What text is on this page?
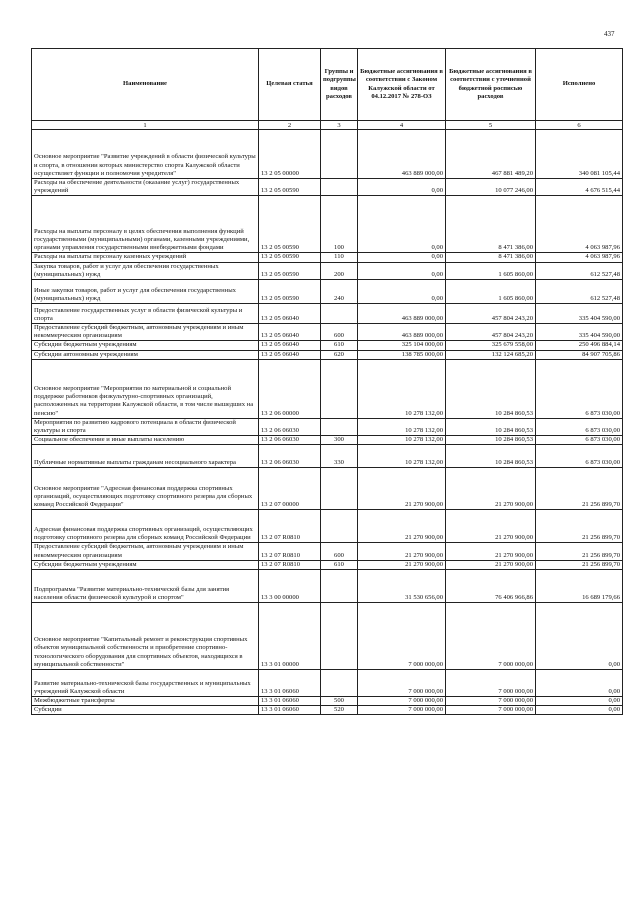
437
Наименование	Целевая статья	Группы и подгруппы видов расходов	Бюджетные ассигнования в соответствии с Законом Калужской области от 04.12.2017 № 278-ОЗ	Бюджетные ассигнования в соответствии с уточненной бюджетной росписью расходов	Исполнено
1	2	3	4	5	6
Основное мероприятие "Развитие учреждений в области физической культуры и спорта, в отношении которых министерство спорта Калужской области осуществляет функции и полномочия учредителя"	13 2 05 00000		463 889 000,00	467 881 489,20	340 081 105,44
Расходы на обеспечение деятельности (оказание услуг) государственных учреждений	13 2 05 00590		0,00	10 077 246,00	4 676 515,44
Расходы на выплаты персоналу в целях обеспечения выполнения функций государственными (муниципальными) органами, казенными учреждениями, органами управления государственными внебюджетными фондами	13 2 05 00590	100	0,00	8 471 386,00	4 063 987,96
Расходы на выплаты персоналу казенных учреждений	13 2 05 00590	110	0,00	8 471 386,00	4 063 987,96
Закупка товаров, работ и услуг для обеспечения государственных (муниципальных) нужд	13 2 05 00590	200	0,00	1 605 860,00	612 527,48
Иные закупки товаров, работ и услуг для обеспечения государственных (муниципальных) нужд	13 2 05 00590	240	0,00	1 605 860,00	612 527,48
Предоставление государственных услуг в области физической культуры и спорта	13 2 05 06040		463 889 000,00	457 804 243,20	335 404 590,00
Предоставление субсидий бюджетным, автономным учреждениям и иным некоммерческим организациям	13 2 05 06040	600	463 889 000,00	457 804 243,20	335 404 590,00
Субсидии бюджетным учреждениям	13 2 05 06040	610	325 104 000,00	325 679 558,00	250 496 884,14
Субсидии автономным учреждениям	13 2 05 06040	620	138 785 000,00	132 124 685,20	84 907 705,86
Основное мероприятие "Мероприятия по материальной и социальной поддержке работников физкультурно-спортивных организаций, расположенных на территории Калужской области, в том числе вышедших на пенсию"	13 2 06 00000		10 278 132,00	10 284 860,53	6 873 030,00
Мероприятия по развитию кадрового потенциала в области физической культуры и спорта	13 2 06 06030		10 278 132,00	10 284 860,53	6 873 030,00
Социальное обеспечение и иные выплаты населению	13 2 06 06030	300	10 278 132,00	10 284 860,53	6 873 030,00
Публичные нормативные выплаты гражданам несоциального характера	13 2 06 06030	330	10 278 132,00	10 284 860,53	6 873 030,00
Основное мероприятие "Адресная финансовая поддержка спортивных организаций, осуществляющих подготовку спортивного резерва для сборных команд Российской Федерации"	13 2 07 00000		21 270 900,00	21 270 900,00	21 256 899,70
Адресная финансовая поддержка спортивных организаций, осуществляющих подготовку спортивного резерва для сборных команд Российской Федерации	13 2 07 R0810		21 270 900,00	21 270 900,00	21 256 899,70
Предоставление субсидий бюджетным, автономным учреждениям и иным некоммерческим организациям	13 2 07 R0810	600	21 270 900,00	21 270 900,00	21 256 899,70
Субсидии бюджетным учреждениям	13 2 07 R0810	610	21 270 900,00	21 270 900,00	21 256 899,70
Подпрограмма "Развитие материально-технической базы для занятия населения области физической культурой и спортом"	13 3 00 00000		31 530 656,00	76 406 966,86	16 689 179,66
Основное мероприятие "Капитальный ремонт и реконструкция спортивных объектов муниципальной собственности и приобретение спортивно-технологического оборудования для спортивных объектов, находящихся в муниципальной собственности"	13 3 01 00000		7 000 000,00	7 000 000,00	0,00
Развитие материально-технической базы государственных и муниципальных учреждений Калужской области	13 3 01 06060		7 000 000,00	7 000 000,00	0,00
Межбюджетные трансферты	13 3 01 06060	500	7 000 000,00	7 000 000,00	0,00
Субсидии	13 3 01 06060	520	7 000 000,00	7 000 000,00	0,00
